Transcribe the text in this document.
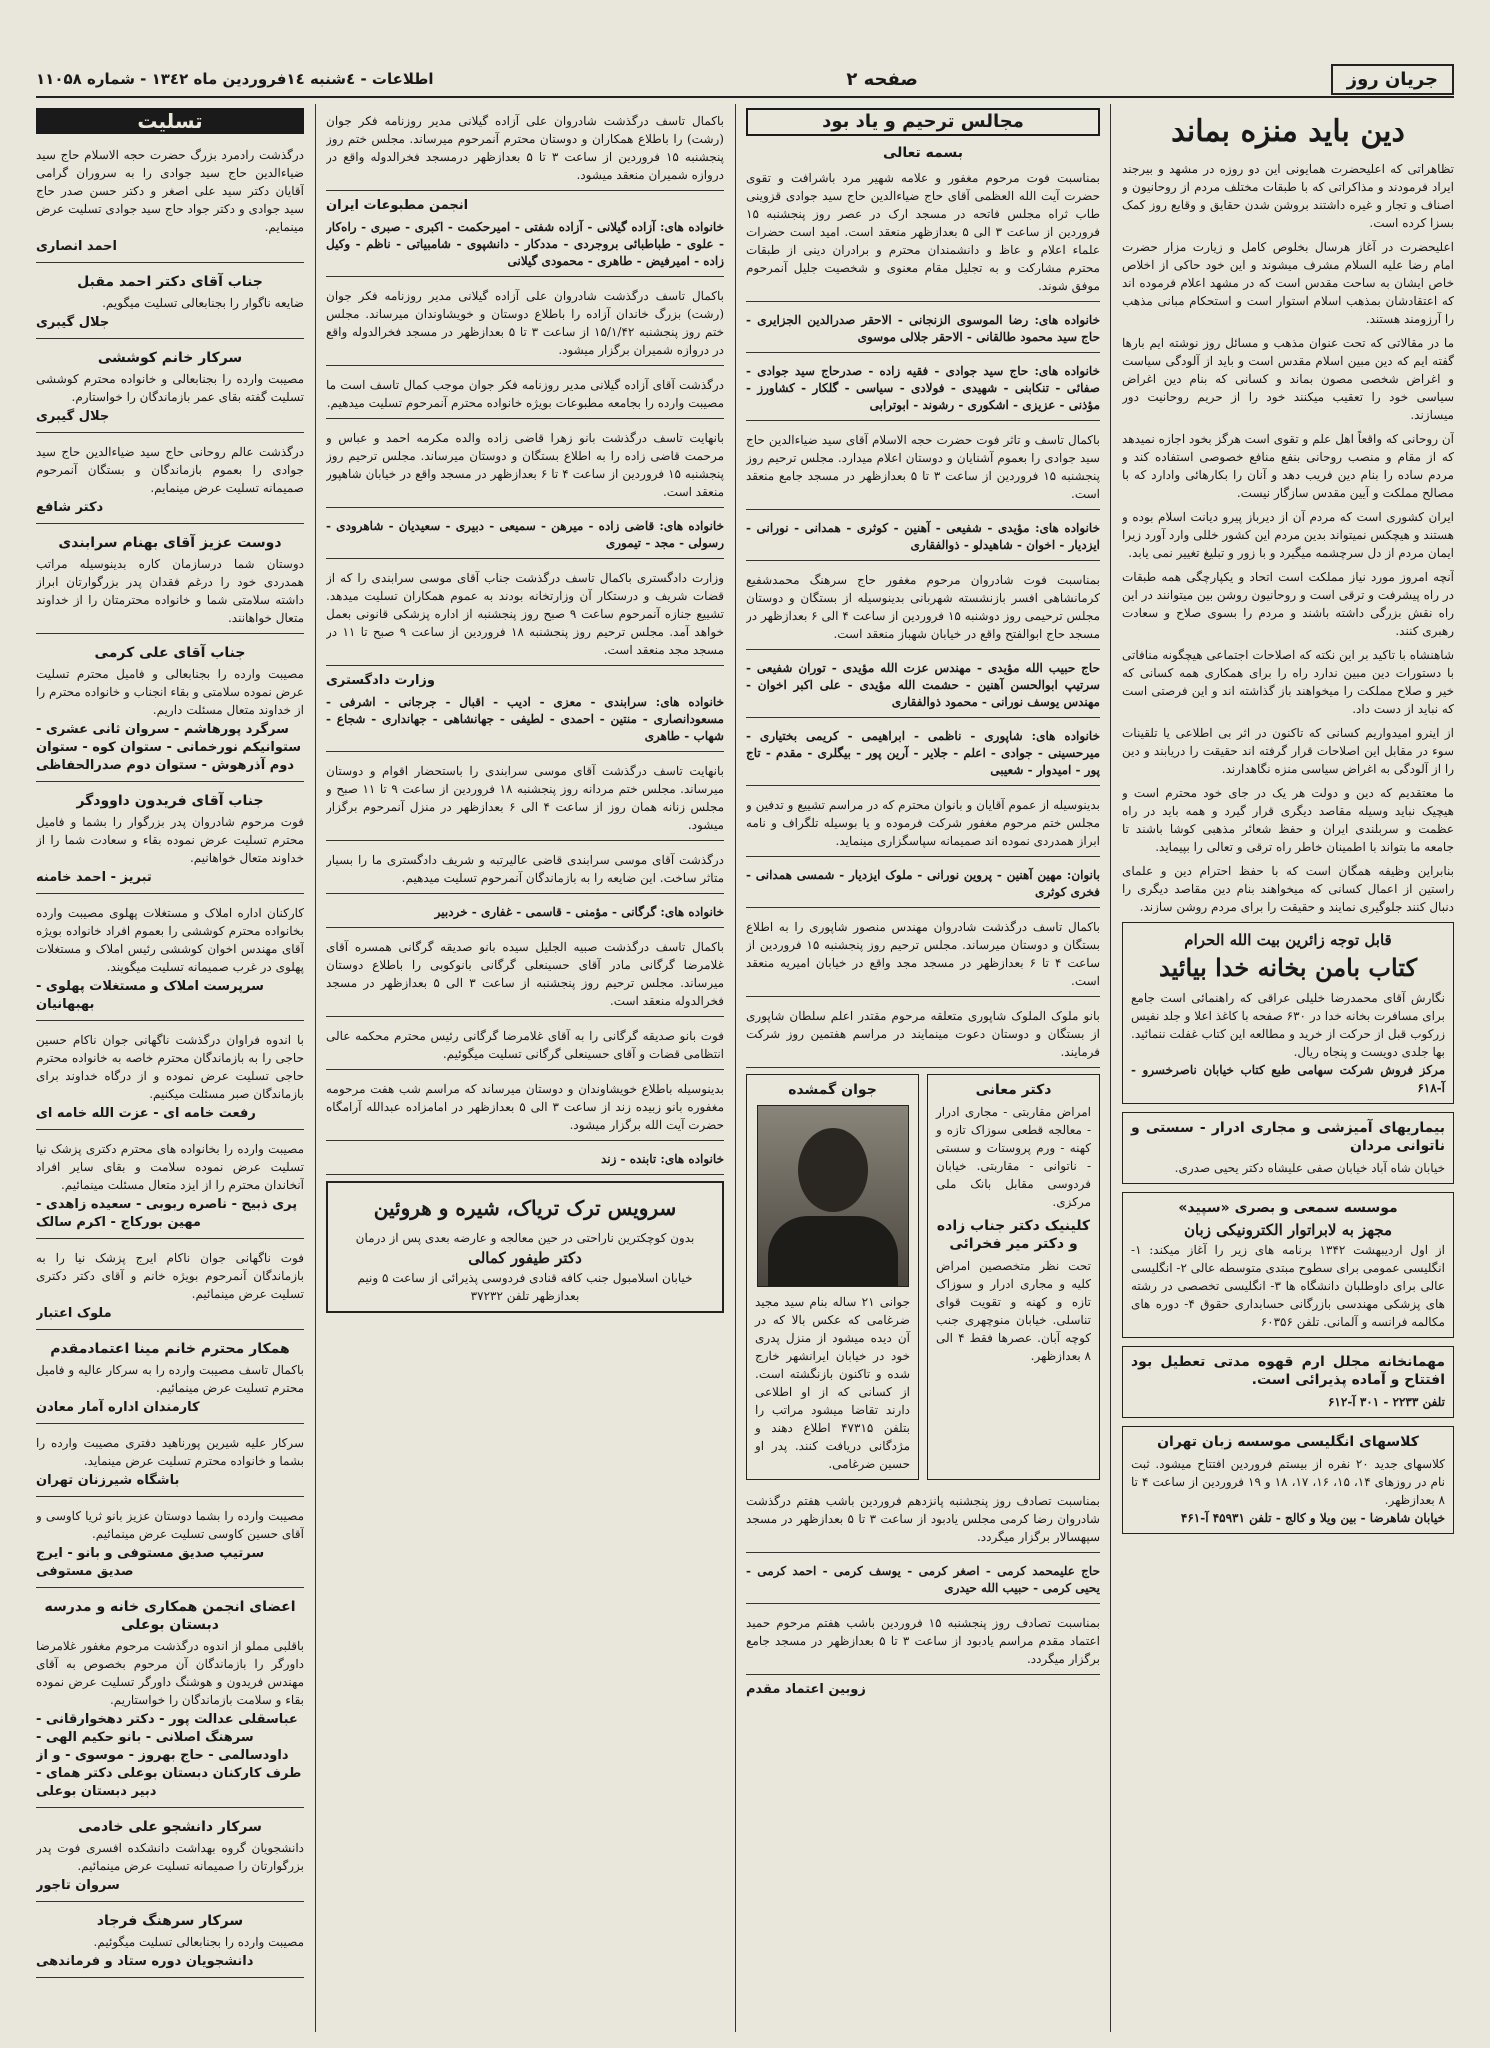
جریان روز
صفحه ۲
اطلاعات - ٤شنبه ۱٤فروردین ماه ۱۳٤۲ - شماره ۱۱۰۵۸
دین باید منزه بماند

تظاهراتی که اعلیحضرت همایونی این دو روزه در مشهد و بیرجند ایراد فرمودند و مذاکراتی که با طبقات مختلف مردم از روحانیون و اصناف و تجار و غیره داشتند بروشن شدن حقایق و وقایع روز کمک بسزا کرده است.

اعلیحضرت در آغاز هرسال بخلوص کامل و زیارت مزار حضرت امام رضا علیه السلام مشرف میشوند و این خود حاکی از اخلاص خاص ایشان به ساحت مقدس است که در مشهد اعلام فرموده اند که اعتقادشان بمذهب اسلام استوار است و استحکام مبانی مذهب را آرزومند هستند.

ما در مقالاتی که تحت عنوان مذهب و مسائل روز نوشته ایم بارها گفته ایم که دین مبین اسلام مقدس است و باید از آلودگی سیاست و اغراض شخصی مصون بماند و کسانی که بنام دین اغراض سیاسی خود را تعقیب میکنند خود را از حریم روحانیت دور میسازند.

آن روحانی که واقعاً اهل علم و تقوی است هرگز بخود اجازه نمیدهد که از مقام و منصب روحانی بنفع منافع خصوصی استفاده کند و مردم ساده را بنام دین فریب دهد و آنان را بکارهائی وادارد که با مصالح مملکت و آیین مقدس سازگار نیست.

ایران کشوری است که مردم آن از دیرباز پیرو دیانت اسلام بوده و هستند و هیچکس نمیتواند بدین مردم این کشور خللی وارد آورد زیرا ایمان مردم از دل سرچشمه میگیرد و با زور و تبلیغ تغییر نمی یابد.

آنچه امروز مورد نیاز مملکت است اتحاد و یکپارچگی همه طبقات در راه پیشرفت و ترقی است و روحانیون روشن بین میتوانند در این راه نقش بزرگی داشته باشند و مردم را بسوی صلاح و سعادت رهبری کنند.

شاهنشاه با تاکید بر این نکته که اصلاحات اجتماعی هیچگونه منافاتی با دستورات دین مبین ندارد راه را برای همکاری همه کسانی که خیر و صلاح مملکت را میخواهند باز گذاشته اند و این فرصتی است که نباید از دست داد.

از اینرو امیدواریم کسانی که تاکنون در اثر بی اطلاعی یا تلقینات سوء در مقابل این اصلاحات قرار گرفته اند حقیقت را دریابند و دین را از آلودگی به اغراض سیاسی منزه نگاهدارند.

ما معتقدیم که دین و دولت هر یک در جای خود محترم است و هیچیک نباید وسیله مقاصد دیگری قرار گیرد و همه باید در راه عظمت و سربلندی ایران و حفظ شعائر مذهبی کوشا باشند تا جامعه ما بتواند با اطمینان خاطر راه ترقی و تعالی را بپیماید.

بنابراین وظیفه همگان است که با حفظ احترام دین و علمای راستین از اعمال کسانی که میخواهند بنام دین مقاصد دیگری را دنبال کنند جلوگیری نمایند و حقیقت را برای مردم روشن سازند.

قابل توجه زائرین بیت الله الحرام
کتاب بامن بخانه خدا بیائید
نگارش آقای محمدرضا خلیلی عراقی که راهنمائی است جامع برای مسافرت بخانه خدا در ۶۳۰ صفحه با کاغذ اعلا و جلد نفیس زرکوب قبل از حرکت از خرید و مطالعه این کتاب غفلت ننمائید. بها جلدی دویست و پنجاه ریال.
مرکز فروش شرکت سهامی طبع کتاب خیابان ناصرخسرو - آ-۶۱۸
بیماریهای آمیزشی و مجاری ادرار - سستی و ناتوانی مردان
خیابان شاه آباد خیابان صفی علیشاه دکتر یحیی صدری.
موسسه سمعی و بصری «سپید»
مجهز به لابراتوار الکترونیکی زبان
از اول اردیبهشت ۱۳۴۲ برنامه های زیر را آغاز میکند: ۱- انگلیسی عمومی برای سطوح مبتدی متوسطه عالی ۲- انگلیسی عالی برای داوطلبان دانشگاه ها ۳- انگلیسی تخصصی در رشته های پزشکی مهندسی بازرگانی حسابداری حقوق ۴- دوره های مکالمه فرانسه و آلمانی. تلفن ۶۰۳۵۶
مهمانخانه مجلل ارم قهوه مدتی تعطیل بود افتتاح و آماده پذیرائی است.
تلفن ۲۲۳۳ - ۳۰۱ آ-۶۱۲
کلاسهای انگلیسی موسسه زبان تهران
کلاسهای جدید ۲۰ نفره از بیستم فروردین افتتاح میشود. ثبت نام در روزهای ۱۴، ۱۵، ۱۶، ۱۷، ۱۸ و ۱۹ فروردین از ساعت ۴ تا ۸ بعدازظهر.
خیابان شاهرضا - بین ویلا و کالج - تلفن ۴۵۹۳۱ آ-۴۶۱
مجالس ترحیم و یاد بود
بسمه تعالی
بمناسبت فوت مرحوم مغفور و علامه شهیر مرد باشرافت و تقوی حضرت آیت الله العظمی آقای حاج ضیاءالدین حاج سید جوادی قزوینی طاب ثراه مجلس فاتحه در مسجد ارک در عصر روز پنجشنبه ۱۵ فروردین از ساعت ۳ الی ۵ بعدازظهر منعقد است. امید است حضرات علماء اعلام و عاظ و دانشمندان محترم و برادران دینی از طبقات محترم مشارکت و به تجلیل مقام معنوی و شخصیت جلیل آنمرحوم موفق شوند.
خانواده های: رضا الموسوی الزنجانی - الاحقر صدرالدین الجزایری - حاج سید محمود طالقانی - الاحقر جلالی موسوی
خانواده های: حاج سید جوادی - فقیه زاده - صدرحاج سید جوادی - صفائی - تنکابنی - شهیدی - فولادی - سیاسی - گلکار - کشاورز - مؤذنی - عزیزی - اشکوری - رشوند - ابوترابی
باکمال تاسف و تاثر فوت حضرت حجه الاسلام آقای سید ضیاءالدین حاج سید جوادی را بعموم آشنایان و دوستان اعلام میدارد. مجلس ترحیم روز پنجشنبه ۱۵ فروردین از ساعت ۳ تا ۵ بعدازظهر در مسجد جامع منعقد است.
خانواده های: مؤیدی - شفیعی - آهنین - کوثری - همدانی - نورانی - ایزدیار - اخوان - شاهیدلو - ذوالفقاری
بمناسبت فوت شادروان مرحوم مغفور حاج سرهنگ محمدشفیع کرمانشاهی افسر بازنشسته شهربانی بدینوسیله از بستگان و دوستان مجلس ترحیمی روز دوشنبه ۱۵ فروردین از ساعت ۴ الی ۶ بعدازظهر در مسجد حاج ابوالفتح واقع در خیابان شهباز منعقد است.
حاج حبیب الله مؤیدی - مهندس عزت الله مؤیدی - توران شفیعی - سرتیپ ابوالحسن آهنین - حشمت الله مؤیدی - علی اکبر اخوان - مهندس یوسف نورانی - محمود ذوالفقاری
خانواده های: شاپوری - ناظمی - ابراهیمی - کریمی بختیاری - میرحسینی - جوادی - اعلم - جلایر - آرین پور - بیگلری - مقدم - تاج پور - امیدوار - شعیبی
بدینوسیله از عموم آقایان و بانوان محترم که در مراسم تشییع و تدفین و مجلس ختم مرحوم مغفور شرکت فرموده و یا بوسیله تلگراف و نامه ابراز همدردی نموده اند صمیمانه سپاسگزاری مینماید.
بانوان: مهین آهنین - پروین نورانی - ملوک ایزدیار - شمسی همدانی - فخری کوثری
باکمال تاسف درگذشت شادروان مهندس منصور شاپوری را به اطلاع بستگان و دوستان میرساند. مجلس ترحیم روز پنجشنبه ۱۵ فروردین از ساعت ۴ تا ۶ بعدازظهر در مسجد مجد واقع در خیابان امیریه منعقد است.
بانو ملوک الملوک شاپوری متعلقه مرحوم مقتدر اعلم سلطان شاپوری از بستگان و دوستان دعوت مینمایند در مراسم هفتمین روز شرکت فرمایند.
دکتر معانی
امراض مقاربتی - مجاری ادرار - معالجه قطعی سوزاک تازه و کهنه - ورم پروستات و سستی - ناتوانی - مقاربتی. خیابان فردوسی مقابل بانک ملی مرکزی.
کلینیک دکتر جناب زاده و دکتر میر فخرائی
تحت نظر متخصصین امراض کلیه و مجاری ادرار و سوزاک تازه و کهنه و تقویت قوای تناسلی. خیابان منوچهری جنب کوچه آبان. عصرها فقط ۴ الی ۸ بعدازظهر.
جوان گمشده
جوانی ۲۱ ساله بنام سید مجید ضرغامی که عکس بالا که در آن دیده میشود از منزل پدری خود در خیابان ایرانشهر خارج شده و تاکنون بازنگشته است. از کسانی که از او اطلاعی دارند تقاضا میشود مراتب را بتلفن ۴۷۳۱۵ اطلاع دهند و مژدگانی دریافت کنند. پدر او حسین ضرغامی.
بمناسبت تصادف روز پنجشنبه پانزدهم فروردین باشب هفتم درگذشت شادروان رضا کرمی مجلس یادبود از ساعت ۳ تا ۵ بعدازظهر در مسجد سپهسالار برگزار میگردد.
حاج علیمحمد کرمی - اصغر کرمی - یوسف کرمی - احمد کرمی - یحیی کرمی - حبیب الله حیدری
بمناسبت تصادف روز پنجشنبه ۱۵ فروردین باشب هفتم مرحوم حمید اعتماد مقدم مراسم یادبود از ساعت ۳ تا ۵ بعدازظهر در مسجد جامع برگزار میگردد.
زوبین اعتماد مقدم
باکمال تاسف درگذشت شادروان علی آزاده گیلانی مدیر روزنامه فکر جوان (رشت) را باطلاع همکاران و دوستان محترم آنمرحوم میرساند. مجلس ختم روز پنجشنبه ۱۵ فروردین از ساعت ۳ تا ۵ بعدازظهر درمسجد فخرالدوله واقع در دروازه شمیران منعقد میشود.
انجمن مطبوعات ایران
خانواده های: آزاده گیلانی - آزاده شفتی - امیرحکمت - اکبری - صبری - راه‌کار - علوی - طباطبائی بروجردی - مددکار - دانشپوی - شامبیاتی - ناظم - وکیل زاده - امیرفیض - طاهری - محمودی گیلانی
باکمال تاسف درگذشت شادروان علی آزاده گیلانی مدیر روزنامه فکر جوان (رشت) بزرگ خاندان آزاده را باطلاع دوستان و خویشاوندان میرساند. مجلس ختم روز پنجشنبه ۱۵/۱/۴۲ از ساعت ۳ تا ۵ بعدازظهر در مسجد فخرالدوله واقع در دروازه شمیران برگزار میشود.
درگذشت آقای آزاده گیلانی مدیر روزنامه فکر جوان موجب کمال تاسف است ما مصیبت وارده را بجامعه مطبوعات بویژه خانواده محترم آنمرحوم تسلیت میدهیم.
بانهایت تاسف درگذشت بانو زهرا قاضی زاده والده مکرمه احمد و عباس و مرحمت قاضی زاده را به اطلاع بستگان و دوستان میرساند. مجلس ترحیم روز پنجشنبه ۱۵ فروردین از ساعت ۴ تا ۶ بعدازظهر در مسجد واقع در خیابان شاهپور منعقد است.
خانواده های: قاضی زاده - میرهن - سمیعی - دبیری - سعیدیان - شاهرودی - رسولی - مجد - تیموری
وزارت دادگستری باکمال تاسف درگذشت جناب آقای موسی سرابندی را که از قضات شریف و درستکار آن وزارتخانه بودند به عموم همکاران تسلیت میدهد. تشییع جنازه آنمرحوم ساعت ۹ صبح روز پنجشنبه از اداره پزشکی قانونی بعمل خواهد آمد. مجلس ترحیم روز پنجشنبه ۱۸ فروردین از ساعت ۹ صبح تا ۱۱ در مسجد مجد منعقد است.
وزارت دادگستری
خانواده های: سرابندی - معزی - ادیب - اقبال - جرجانی - اشرفی - مسعودانصاری - منتین - احمدی - لطیفی - جهانشاهی - جهانداری - شجاع - شهاب - طاهری
بانهایت تاسف درگذشت آقای موسی سرابندی را باستحضار اقوام و دوستان میرساند. مجلس ختم مردانه روز پنجشنبه ۱۸ فروردین از ساعت ۹ تا ۱۱ صبح و مجلس زنانه همان روز از ساعت ۴ الی ۶ بعدازظهر در منزل آنمرحوم برگزار میشود.
درگذشت آقای موسی سرابندی قاضی عالیرتبه و شریف دادگستری ما را بسیار متاثر ساخت. این ضایعه را به بازماندگان آنمرحوم تسلیت میدهیم.
خانواده های: گرگانی - مؤمنی - قاسمی - غفاری - خردبیر
باکمال تاسف درگذشت صبیه الجلیل سیده بانو صدیقه گرگانی همسره آقای غلامرضا گرگانی مادر آقای حسینعلی گرگانی بانوکوبی را باطلاع دوستان میرساند. مجلس ترحیم روز پنجشنبه از ساعت ۳ الی ۵ بعدازظهر در مسجد فخرالدوله منعقد است.
فوت بانو صدیقه گرگانی را به آقای غلامرضا گرگانی رئیس محترم محکمه عالی انتظامی قضات و آقای حسینعلی گرگانی تسلیت میگوئیم.
بدینوسیله باطلاع خویشاوندان و دوستان میرساند که مراسم شب هفت مرحومه مغفوره بانو زبیده زند از ساعت ۳ الی ۵ بعدازظهر در امامزاده عبدالله آرامگاه حضرت آیت الله برگزار میشود.
خانواده های: تابنده - زند
سرویس ترک تریاک، شیره و هروئین
بدون کوچکترین ناراحتی در حین معالجه و عارضه بعدی پس از درمان
دکتر طیفور کمالی
خیابان اسلامبول جنب کافه قنادی فردوسی پذیرائی از ساعت ۵ ونیم بعدازظهر تلفن ۳۷۲۳۲
تسلیت
درگذشت رادمرد بزرگ حضرت حجه الاسلام حاج سید ضیاءالدین حاج سید جوادی را به سروران گرامی آقایان دکتر سید علی اصغر و دکتر حسن صدر حاج سید جوادی و دکتر جواد حاج سید جوادی تسلیت عرض مینمایم.
احمد انصاری
جناب آقای دکتر احمد مقبل
ضایعه ناگوار را بجنابعالی تسلیت میگویم.
جلال گیبری
سرکار خانم کوششی
مصیبت وارده را بجنابعالی و خانواده محترم کوششی تسلیت گفته بقای عمر بازماندگان را خواستارم.
جلال گیبری
درگذشت عالم روحانی حاج سید ضیاءالدین حاج سید جوادی را بعموم بازماندگان و بستگان آنمرحوم صمیمانه تسلیت عرض مینمایم.
دکتر شافع
دوست عزیز آقای بهنام سرابندی
دوستان شما درسازمان کاره بدینوسیله مراتب همدردی خود را درغم فقدان پدر بزرگوارتان ابراز داشته سلامتی شما و خانواده محترمتان را از خداوند متعال خواهانند.
جناب آقای علی کرمی
مصیبت وارده را بجنابعالی و فامیل محترم تسلیت عرض نموده سلامتی و بقاء انجناب و خانواده محترم را از خداوند متعال مسئلت داریم.
سرگرد پورهاشم - سروان ثانی عشری - ستوانیکم نورخمانی - ستوان کوه - ستوان دوم آذرهوش - ستوان دوم صدرالحفاظی
جناب آقای فریدون داوودگر
فوت مرحوم شادروان پدر بزرگوار را بشما و فامیل محترم تسلیت عرض نموده بقاء و سعادت شما را از خداوند متعال خواهانیم.
تبریز - احمد خامنه
کارکنان اداره املاک و مستغلات پهلوی مصیبت وارده بخانواده محترم کوششی را بعموم افراد خانواده بویژه آقای مهندس اخوان کوششی رئیس املاک و مستغلات پهلوی در غرب صمیمانه تسلیت میگویند.
سرپرست املاک و مستغلات پهلوی - بهبهانیان
با اندوه فراوان درگذشت ناگهانی جوان ناکام حسین حاجی را به بازماندگان محترم خاصه به خانواده محترم حاجی تسلیت عرض نموده و از درگاه خداوند برای بازماندگان صبر مسئلت میکنیم.
رفعت خامه ای - عزت الله خامه ای
مصیبت وارده را بخانواده های محترم دکتری پزشک نیا تسلیت عرض نموده سلامت و بقای سایر افراد آنخاندان محترم را از ایزد متعال مسئلت مینمائیم.
پری ذبیح - ناصره ربوبی - سعیده زاهدی - مهین بورکاج - اکرم سالک
فوت ناگهانی جوان ناکام ایرج پزشک نیا را به بازماندگان آنمرحوم بویژه خانم و آقای دکتر دکتری تسلیت عرض مینمائیم.
ملوک اعتبار
همکار محترم خانم مینا اعتمادمقدم
باکمال تاسف مصیبت وارده را به سرکار عالیه و فامیل محترم تسلیت عرض مینمائیم.
کارمندان اداره آمار معادن
سرکار علیه شیرین پورناهید دفتری مصیبت وارده را بشما و خانواده محترم تسلیت عرض مینماید.
باشگاه شیرزنان تهران
مصیبت وارده را بشما دوستان عزیز بانو ثریا کاوسی و آقای حسین کاوسی تسلیت عرض مینمائیم.
سرتیپ صدیق مستوفی و بانو - ایرج صدیق مستوفی
اعضای انجمن همکاری خانه و مدرسه دبستان بوعلی
باقلبی مملو از اندوه درگذشت مرحوم مغفور غلامرضا داورگر را بازماندگان آن مرحوم بخصوص به آقای مهندس فریدون و هوشنگ داورگر تسلیت عرض نموده بقاء و سلامت بازماندگان را خواستاریم.
عباسقلی عدالت پور - دکتر دهخوارقانی - سرهنگ اصلانی - بانو حکیم الهی - داودسالمی - حاج بهروز - موسوی - و از طرف کارکنان دبستان بوعلی دکتر همای - دبیر دبستان بوعلی
سرکار دانشجو علی خادمی
دانشجویان گروه بهداشت دانشکده افسری فوت پدر بزرگوارتان را صمیمانه تسلیت عرض مینمائیم.
سروان تاجور
سرکار سرهنگ فرجاد
مصیبت وارده را بجنابعالی تسلیت میگوئیم.
دانشجویان دوره ستاد و فرماندهی
